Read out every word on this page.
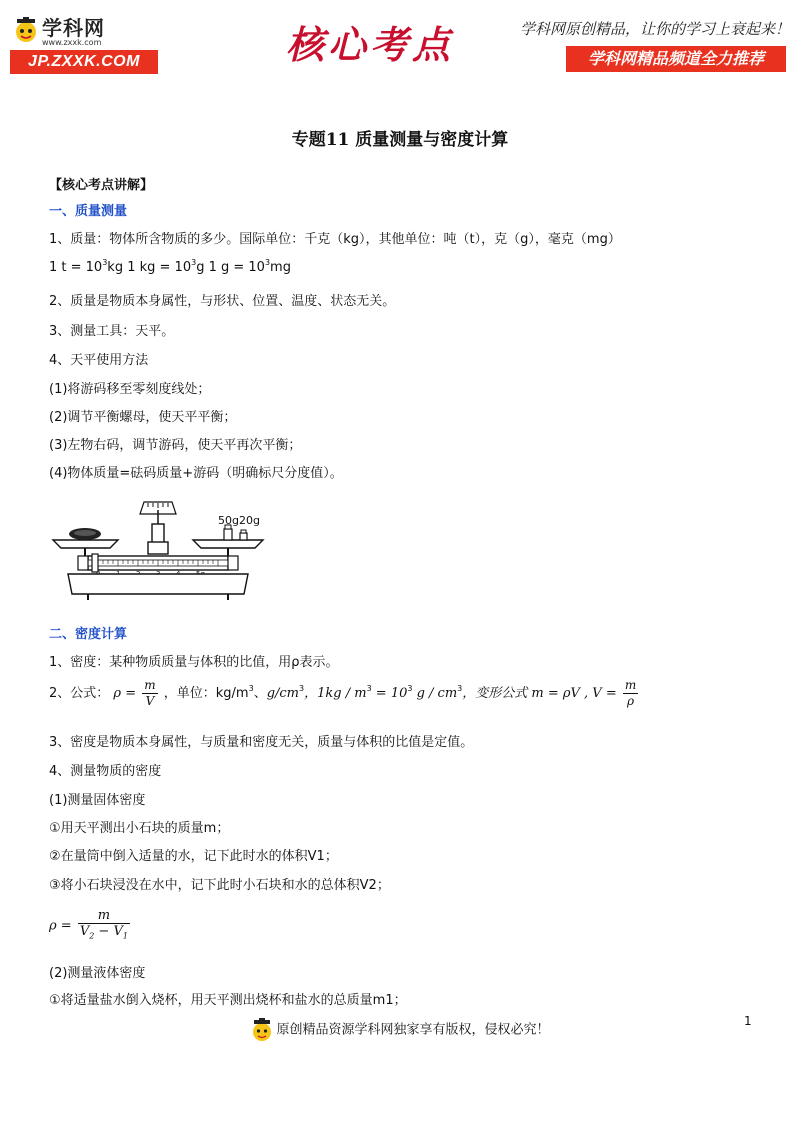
学科网
www.zxxk.com
JP.ZXXK.COM	核心考点	学科网原创精品，让你的学习上衰起来！
学科网精品频道全力推荐
专题11 质量测量与密度计算
【核心考点讲解】
一、质量测量
1、质量：物体所含物质的多少。国际单位：千克（kg），其他单位：吨（t），克（g），毫克（mg）
1 $t = 10^3kg$ 1 kg = $10^3g$ 1 $g = 10^3mg$
2、质量是物质本身属性，与形状、位置、温度、状态无关。
3、测量工具：天平。
4、天平使用方法
(1)将游码移至零刻度线处；
(2)调节平衡螺母，使天平平衡；
(3)左物右码，调节游码，使天平再次平衡；
(4)物体质量=砝码质量+游码（明确标尺分度值）。
50g20g
二、密度计算
1、密度：某种物质质量与体积的比值，用ρ表示。
2、公式： $\rho = \frac{m}{V}$ ，单位：$kg/m^3$、$g/cm^3$，$1kg / m^3 = 10^3$ g / $cm^3$，变形公式 m = ρV , $V = \frac{m}{\rho}$
3、密度是物质本身属性，与质量和密度无关，质量与体积的比值是定值。
4、测量物质的密度
(1)测量固体密度
①用天平测出小石块的质量m；
②在量筒中倒入适量的水，记下此时水的体积V1；
③将小石块浸没在水中，记下此时小石块和水的总体积V2；
$\rho = \frac{m}{V_2 - V_1}$
(2)测量液体密度
①将适量盐水倒入烧杯，用天平测出烧杯和盐水的总质量m1；
原创精品资源学科网独家享有版权，侵权必究！
1
